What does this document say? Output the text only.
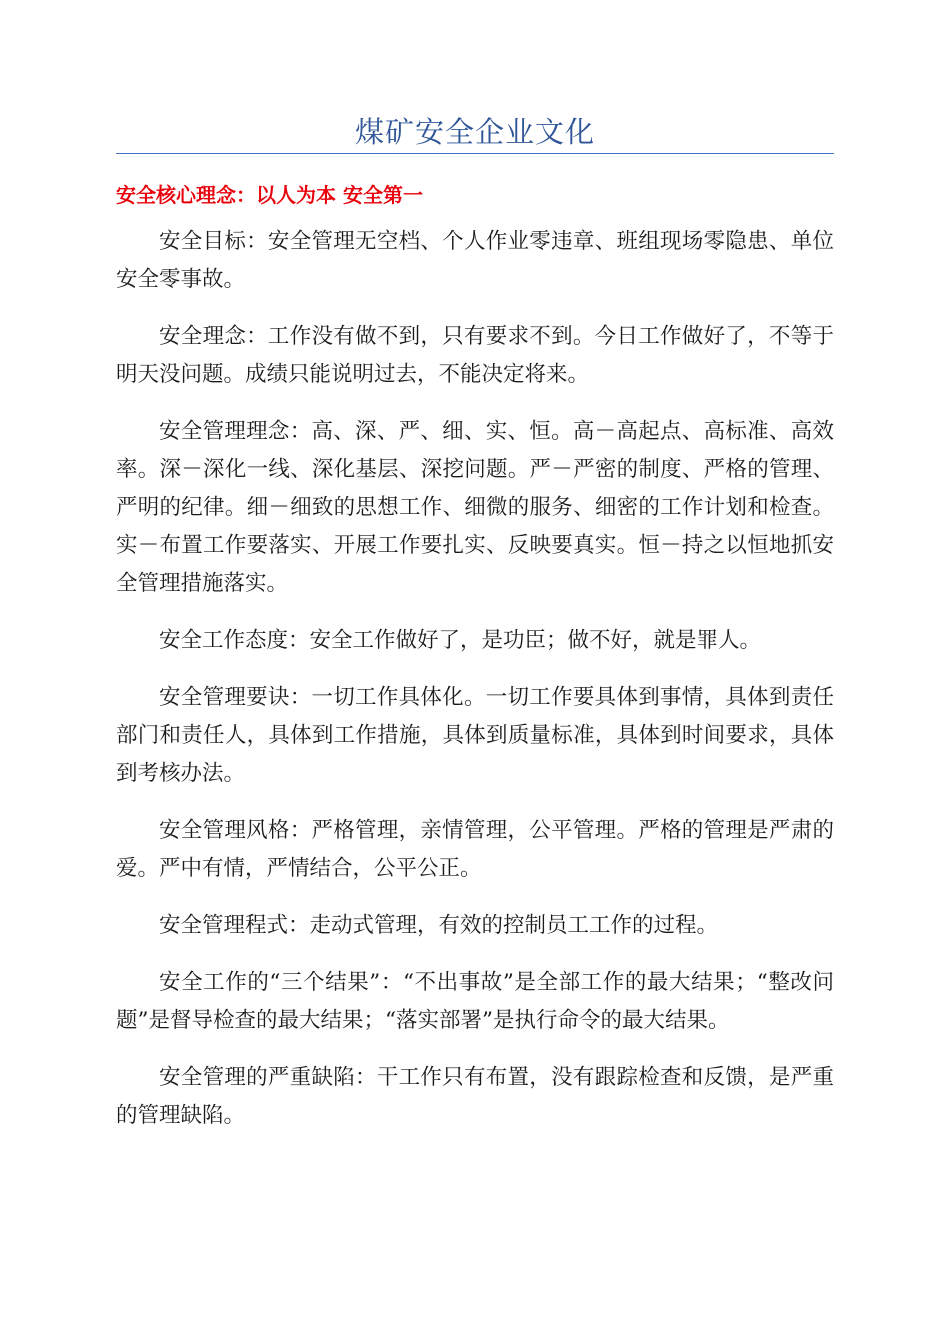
煤矿安全企业文化
安全核心理念：以人为本 安全第一

安全目标：安全管理无空档、个人作业零违章、班组现场零隐患、单位安全零事故。

安全理念：工作没有做不到，只有要求不到。今日工作做好了，不等于明天没问题。成绩只能说明过去，不能决定将来。

安全管理理念：高、深、严、细、实、恒。高－高起点、高标准、高效率。深－深化一线、深化基层、深挖问题。严－严密的制度、严格的管理、严明的纪律。细－细致的思想工作、细微的服务、细密的工作计划和检查。实－布置工作要落实、开展工作要扎实、反映要真实。恒－持之以恒地抓安全管理措施落实。

安全工作态度：安全工作做好了，是功臣；做不好，就是罪人。

安全管理要诀：一切工作具体化。一切工作要具体到事情，具体到责任部门和责任人，具体到工作措施，具体到质量标准，具体到时间要求，具体到考核办法。

安全管理风格：严格管理，亲情管理，公平管理。严格的管理是严肃的爱。严中有情，严情结合，公平公正。

安全管理程式：走动式管理，有效的控制员工工作的过程。

安全工作的“三个结果”：“不出事故”是全部工作的最大结果；“整改问题”是督导检查的最大结果；“落实部署”是执行命令的最大结果。

安全管理的严重缺陷：干工作只有布置，没有跟踪检查和反馈，是严重的管理缺陷。
